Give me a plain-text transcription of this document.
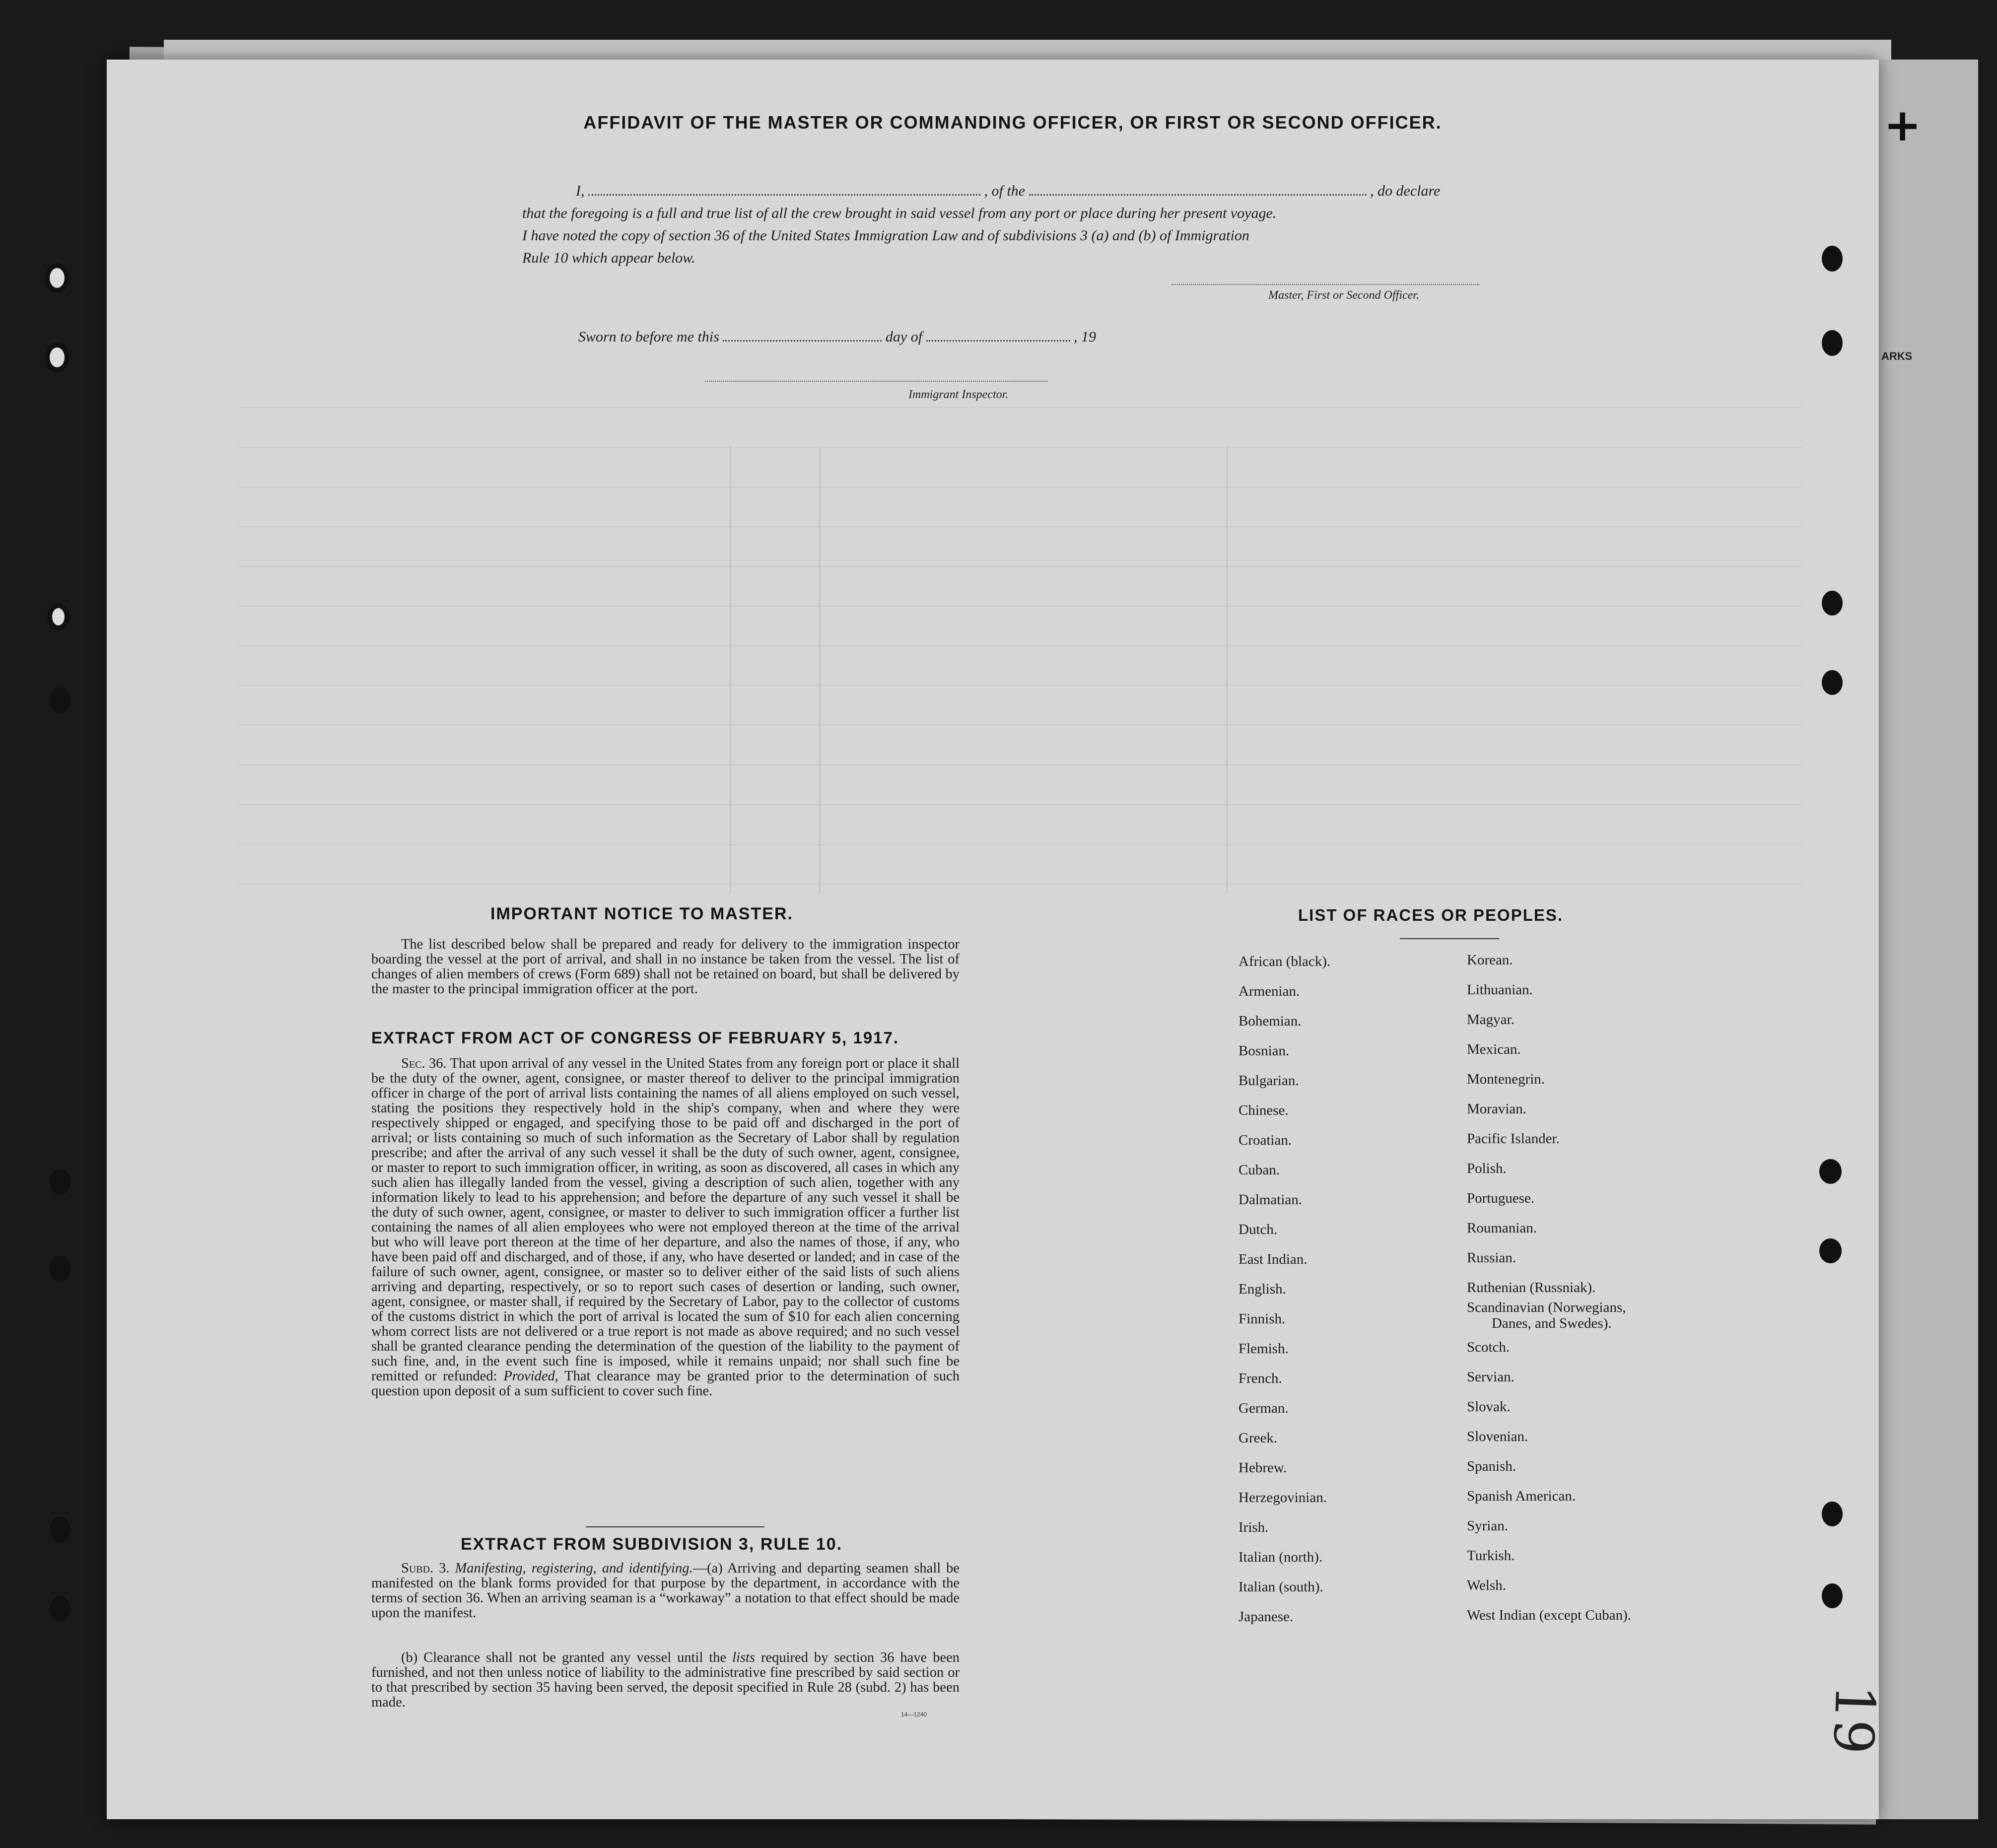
ARKS
+
AFFIDAVIT OF THE MASTER OR COMMANDING OFFICER, OR FIRST OR SECOND OFFICER.
I,	, of the	, do declare
that the foregoing is a full and true list of all the crew brought in said vessel from any port or place during her present voyage.
I have noted the copy of section 36 of the United States Immigration Law and of subdivisions 3 (a) and (b) of Immigration
Rule 10 which appear below.
Master, First or Second Officer.
Sworn to before me this	day of	, 19
Immigrant Inspector.
IMPORTANT NOTICE TO MASTER.
The list described below shall be prepared and ready for delivery to the immigration inspector boarding the vessel at the port of arrival, and shall in no instance be taken from the vessel. The list of changes of alien members of crews (Form 689) shall not be retained on board, but shall be delivered by the master to the principal immigration officer at the port.
EXTRACT FROM ACT OF CONGRESS OF FEBRUARY 5, 1917.
Sec. 36. That upon arrival of any vessel in the United States from any foreign port or place it shall be the duty of the owner, agent, consignee, or master thereof to deliver to the principal immigration officer in charge of the port of arrival lists containing the names of all aliens employed on such vessel, stating the positions they respectively hold in the ship's company, when and where they were respectively shipped or engaged, and specifying those to be paid off and discharged in the port of arrival; or lists containing so much of such information as the Secretary of Labor shall by regulation prescribe; and after the arrival of any such vessel it shall be the duty of such owner, agent, consignee, or master to report to such immigration officer, in writing, as soon as discovered, all cases in which any such alien has illegally landed from the vessel, giving a description of such alien, together with any information likely to lead to his apprehension; and before the departure of any such vessel it shall be the duty of such owner, agent, consignee, or master to deliver to such immigration officer a further list containing the names of all alien employees who were not employed thereon at the time of the arrival but who will leave port thereon at the time of her departure, and also the names of those, if any, who have been paid off and discharged, and of those, if any, who have deserted or landed; and in case of the failure of such owner, agent, consignee, or master so to deliver either of the said lists of such aliens arriving and departing, respectively, or so to report such cases of desertion or landing, such owner, agent, consignee, or master shall, if required by the Secretary of Labor, pay to the collector of customs of the customs district in which the port of arrival is located the sum of $10 for each alien concerning whom correct lists are not delivered or a true report is not made as above required; and no such vessel shall be granted clearance pending the determination of the question of the liability to the payment of such fine, and, in the event such fine is imposed, while it remains unpaid; nor shall such fine be remitted or refunded: Provided, That clearance may be granted prior to the determination of such question upon deposit of a sum sufficient to cover such fine.
EXTRACT FROM SUBDIVISION 3, RULE 10.
Subd. 3. Manifesting, registering, and identifying.—(a) Arriving and departing seamen shall be manifested on the blank forms provided for that purpose by the department, in accordance with the terms of section 36. When an arriving seaman is a “workaway” a notation to that effect should be made upon the manifest.
(b) Clearance shall not be granted any vessel until the lists required by section 36 have been furnished, and not then unless notice of liability to the administrative fine prescribed by said section or to that prescribed by section 35 having been served, the deposit specified in Rule 28 (subd. 2) has been made.
14—1240
LIST OF RACES OR PEOPLES.
African (black).
Armenian.
Bohemian.
Bosnian.
Bulgarian.
Chinese.
Croatian.
Cuban.
Dalmatian.
Dutch.
East Indian.
English.
Finnish.
Flemish.
French.
German.
Greek.
Hebrew.
Herzegovinian.
Irish.
Italian (north).
Italian (south).
Japanese.
Korean.
Lithuanian.
Magyar.
Mexican.
Montenegrin.
Moravian.
Pacific Islander.
Polish.
Portuguese.
Roumanian.
Russian.
Ruthenian (Russniak).
Scandinavian (Norwegians,
Danes, and Swedes).
Scotch.
Servian.
Slovak.
Slovenian.
Spanish.
Spanish American.
Syrian.
Turkish.
Welsh.
West Indian (except Cuban).
19
